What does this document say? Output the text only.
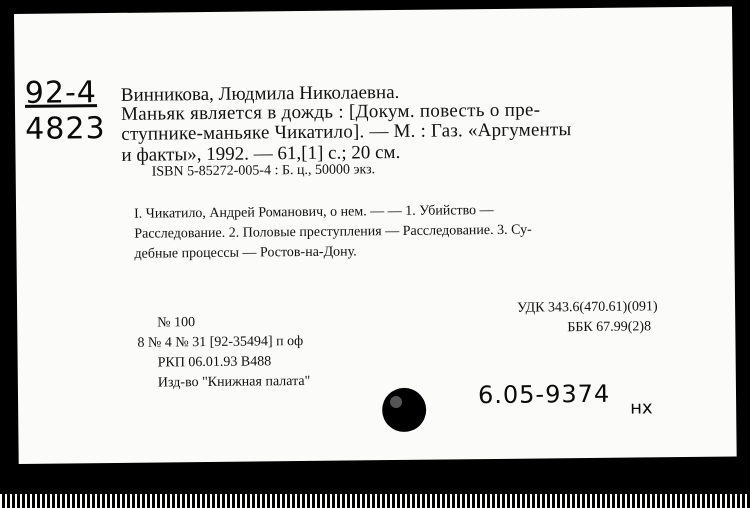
92-4
4823
Винникова, Людмила Николаевна.
Маньяк является в дождь : [Докум. повесть о пре-
ступнике-маньяке Чикатило]. — М. : Газ. «Аргументы
и факты», 1992. — 61,[1] с.; 20 см.
ISBN 5-85272-005-4 : Б. ц., 50000 экз.
I. Чикатило, Андрей Романович, о нем. — — 1. Убийство —
Расследование. 2. Половые преступления — Расследование. 3. Су-
дебные процессы — Ростов-на-Дону.
№ 100
8 № 4 № 31 [92-35494] п оф
РКП 06.01.93 В488
Изд-во "Книжная палата"
УДК 343.6(470.61)(091)
ББК 67.99(2)8
6.05-9374 нх
